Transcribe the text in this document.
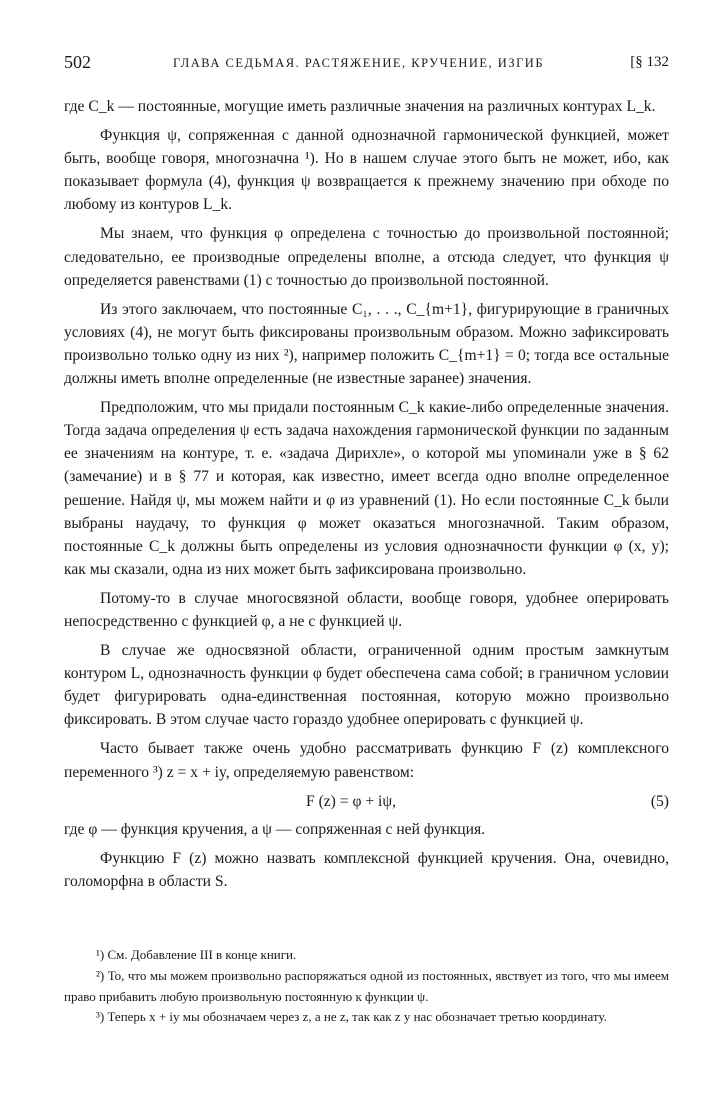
502	ГЛАВА СЕДЬМАЯ. РАСТЯЖЕНИЕ, КРУЧЕНИЕ, ИЗГИБ	[§ 132

где C_k — постоянные, могущие иметь различные значения на различных контурах L_k.

Функция ψ, сопряженная с данной однозначной гармонической функцией, может быть, вообще говоря, многозначна ¹). Но в нашем случае этого быть не может, ибо, как показывает формула (4), функция ψ возвращается к прежнему значению при обходе по любому из контуров L_k.

Мы знаем, что функция φ определена с точностью до произвольной постоянной; следовательно, ее производные определены вполне, а отсюда следует, что функция ψ определяется равенствами (1) с точностью до произвольной постоянной.

Из этого заключаем, что постоянные C₁, . . ., C_{m+1}, фигурирующие в граничных условиях (4), не могут быть фиксированы произвольным образом. Можно зафиксировать произвольно только одну из них ²), например положить C_{m+1} = 0; тогда все остальные должны иметь вполне определенные (не известные заранее) значения.

Предположим, что мы придали постоянным C_k какие-либо определенные значения. Тогда задача определения ψ есть задача нахождения гармонической функции по заданным ее значениям на контуре, т. е. «задача Дирихле», о которой мы упоминали уже в § 62 (замечание) и в § 77 и которая, как известно, имеет всегда одно вполне определенное решение. Найдя ψ, мы можем найти и φ из уравнений (1). Но если постоянные C_k были выбраны наудачу, то функция φ может оказаться многозначной. Таким образом, постоянные C_k должны быть определены из условия однозначности функции φ (x, y); как мы сказали, одна из них может быть зафиксирована произвольно.

Потому-то в случае многосвязной области, вообще говоря, удобнее оперировать непосредственно с функцией φ, а не с функцией ψ.

В случае же односвязной области, ограниченной одним простым замкнутым контуром L, однозначность функции φ будет обеспечена сама собой; в граничном условии будет фигурировать одна-единственная постоянная, которую можно произвольно фиксировать. В этом случае часто гораздо удобнее оперировать с функцией ψ.

Часто бывает также очень удобно рассматривать функцию F (z) комплексного переменного ³) z = x + iy, определяемую равенством:

F (z) = φ + iψ,	(5)

где φ — функция кручения, а ψ — сопряженная с ней функция.

Функцию F (z) можно назвать комплексной функцией кручения. Она, очевидно, голоморфна в области S.

¹) См. Добавление III в конце книги.

²) То, что мы можем произвольно распоряжаться одной из постоянных, явствует из того, что мы имеем право прибавить любую произвольную постоянную к функции ψ.

³) Теперь x + iy мы обозначаем через z, а не z, так как z у нас обозначает третью координату.
